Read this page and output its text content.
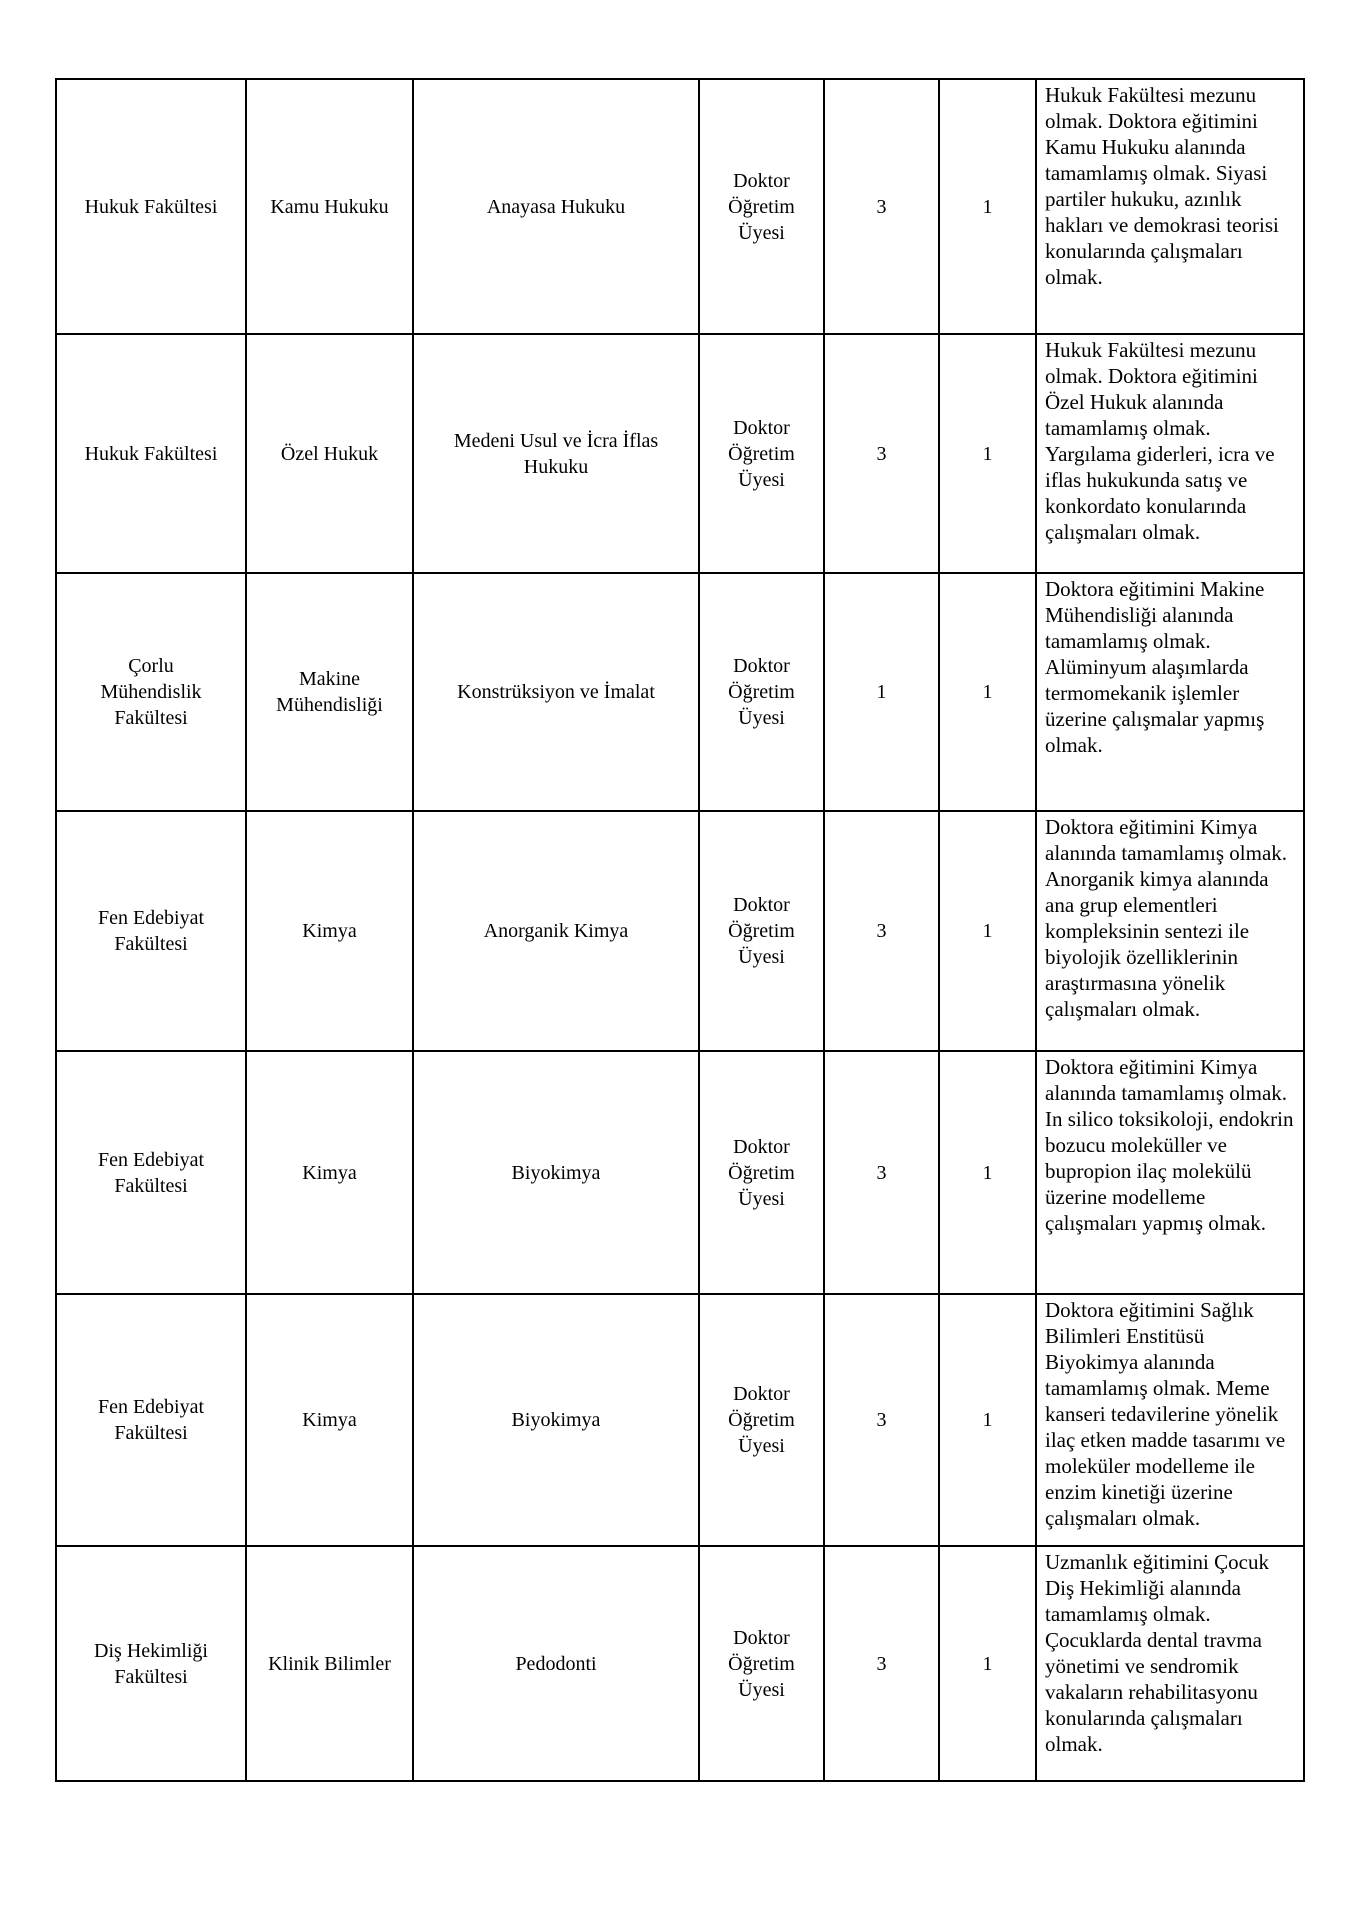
Hukuk Fakültesi	Kamu Hukuku	Anayasa Hukuku	Doktor Öğretim Üyesi	3	1	Hukuk Fakültesi mezunu olmak. Doktora eğitimini Kamu Hukuku alanında tamamlamış olmak. Siyasi partiler hukuku, azınlık hakları ve demokrasi teorisi konularında çalışmaları olmak.
Hukuk Fakültesi	Özel Hukuk	Medeni Usul ve İcra İflas Hukuku	Doktor Öğretim Üyesi	3	1	Hukuk Fakültesi mezunu olmak. Doktora eğitimini Özel Hukuk alanında tamamlamış olmak. Yargılama giderleri, icra ve iflas hukukunda satış ve konkordato konularında çalışmaları olmak.
Çorlu Mühendislik Fakültesi	Makine Mühendisliği	Konstrüksiyon ve İmalat	Doktor Öğretim Üyesi	1	1	Doktora eğitimini Makine Mühendisliği alanında tamamlamış olmak. Alüminyum alaşımlarda termomekanik işlemler üzerine çalışmalar yapmış olmak.
Fen Edebiyat Fakültesi	Kimya	Anorganik Kimya	Doktor Öğretim Üyesi	3	1	Doktora eğitimini Kimya alanında tamamlamış olmak. Anorganik kimya alanında ana grup elementleri kompleksinin sentezi ile biyolojik özelliklerinin araştırmasına yönelik çalışmaları olmak.
Fen Edebiyat Fakültesi	Kimya	Biyokimya	Doktor Öğretim Üyesi	3	1	Doktora eğitimini Kimya alanında tamamlamış olmak. In silico toksikoloji, endokrin bozucu moleküller ve bupropion ilaç molekülü üzerine modelleme çalışmaları yapmış olmak.
Fen Edebiyat Fakültesi	Kimya	Biyokimya	Doktor Öğretim Üyesi	3	1	Doktora eğitimini Sağlık Bilimleri Enstitüsü Biyokimya alanında tamamlamış olmak. Meme kanseri tedavilerine yönelik ilaç etken madde tasarımı ve moleküler modelleme ile enzim kinetiği üzerine çalışmaları olmak.
Diş Hekimliği Fakültesi	Klinik Bilimler	Pedodonti	Doktor Öğretim Üyesi	3	1	Uzmanlık eğitimini Çocuk Diş Hekimliği alanında tamamlamış olmak. Çocuklarda dental travma yönetimi ve sendromik vakaların rehabilitasyonu konularında çalışmaları olmak.
